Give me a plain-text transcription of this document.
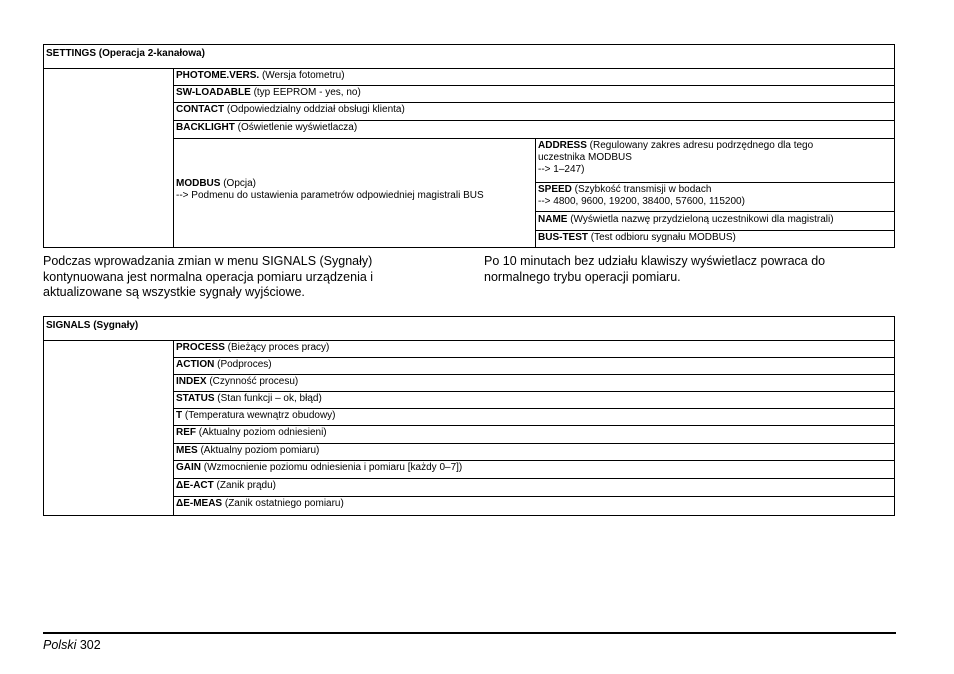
SETTINGS (Operacja 2-kanałowa)
PHOTOME.VERS. (Wersja fotometru)
SW-LOADABLE (typ EEPROM - yes, no)
CONTACT (Odpowiedzialny oddział obsługi klienta)
BACKLIGHT (Oświetlenie wyświetlacza)
MODBUS (Opcja)
--> Podmenu do ustawienia parametrów odpowiedniej magistrali BUS
ADDRESS (Regulowany zakres adresu podrzędnego dla tego
uczestnika MODBUS
--> 1–247)
SPEED (Szybkość transmisji w bodach
--> 4800, 9600, 19200, 38400, 57600, 115200)
NAME (Wyświetla nazwę przydzieloną uczestnikowi dla magistrali)
BUS-TEST (Test odbioru sygnału MODBUS)
Podczas wprowadzania zmian w menu SIGNALS (Sygnały)
kontynuowana jest normalna operacja pomiaru urządzenia i
aktualizowane są wszystkie sygnały wyjściowe.
Po 10 minutach bez udziału klawiszy wyświetlacz powraca do
normalnego trybu operacji pomiaru.
SIGNALS (Sygnały)
PROCESS (Bieżący proces pracy)
ACTION (Podproces)
INDEX (Czynność procesu)
STATUS (Stan funkcji – ok, błąd)
T (Temperatura wewnątrz obudowy)
REF (Aktualny poziom odniesieni)
MES (Aktualny poziom pomiaru)
GAIN (Wzmocnienie poziomu odniesienia i pomiaru [każdy 0–7])
ΔE-ACT (Zanik prądu)
ΔE-MEAS (Zanik ostatniego pomiaru)
Polski 302
